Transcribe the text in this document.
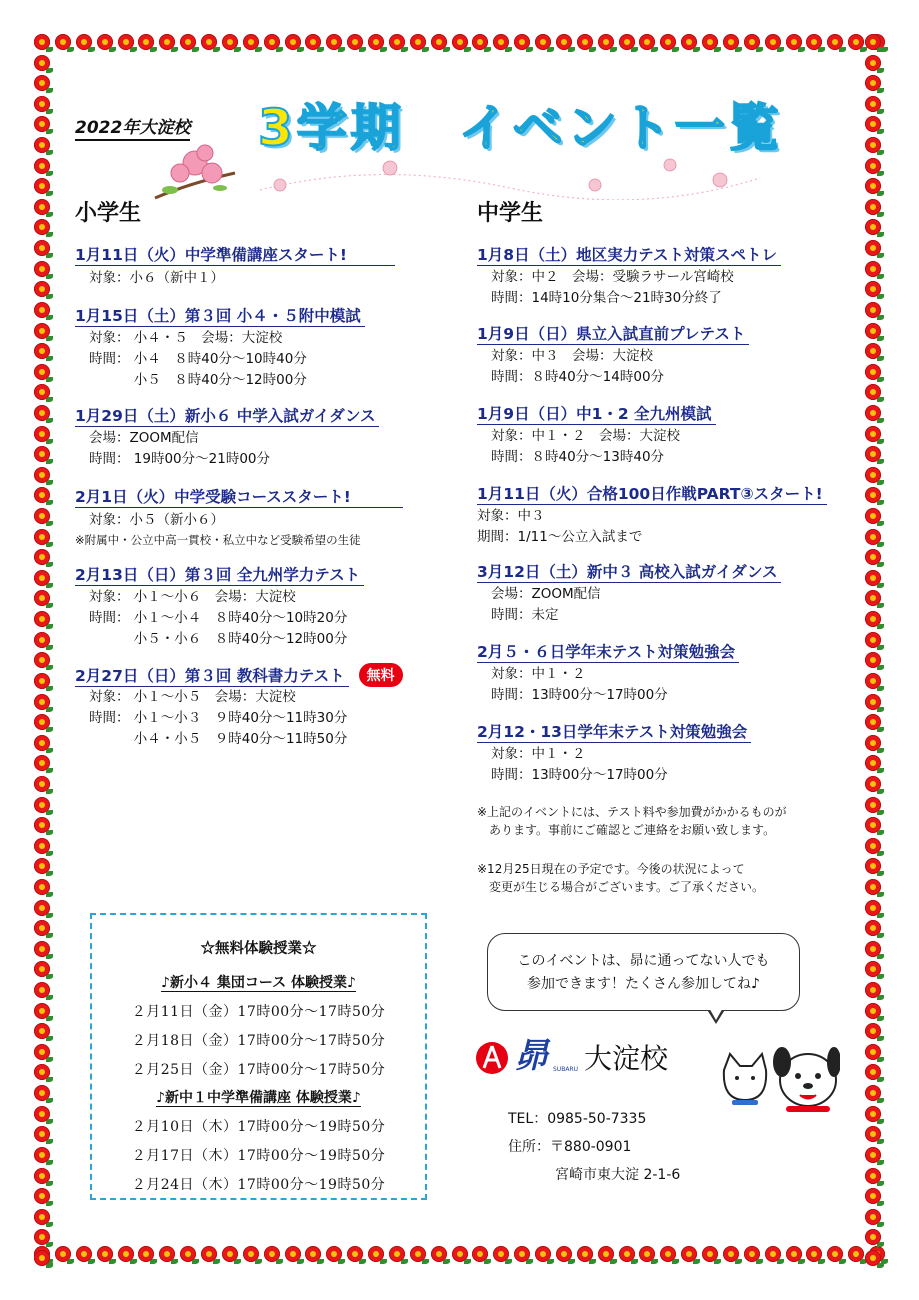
2022年大淀校 3学期　イベント一覧
小学生
1月11日（火）中学準備講座スタート!
対象：小６（新中１）
1月15日（土）第３回 小４・５附中模試
対象： 小４・５　会場：大淀校
時間： 小４　８時40分～10時40分
　　　 小５　８時40分～12時00分
1月29日（土）新小６ 中学入試ガイダンス
会場：ZOOM配信
時間： 19時00分～21時00分
2月1日（火）中学受験コーススタート!
対象：小５（新小６）
※附属中・公立中高一貫校・私立中など受験希望の生徒
2月13日（日）第３回 全九州学力テスト
対象： 小１～小６　会場：大淀校
時間： 小１～小４　８時40分～10時20分
　　　 小５・小６　８時40分～12時00分
2月27日（日）第３回 教科書力テスト	無料
対象： 小１～小５　会場：大淀校
時間： 小１～小３　９時40分～11時30分
　　　 小４・小５　９時40分～11時50分
中学生
1月8日（土）地区実力テスト対策スペトレ
対象：中２　会場：受験ラサール宮崎校
時間：14時10分集合～21時30分終了
1月9日（日）県立入試直前プレテスト
対象：中３　会場：大淀校
時間：８時40分～14時00分
1月9日（日）中1・2 全九州模試
対象：中１・２　会場：大淀校
時間：８時40分～13時40分
1月11日（火）合格100日作戦PART③スタート!
対象：中３
期間：1/11～公立入試まで
3月12日（土）新中３ 高校入試ガイダンス
会場：ZOOM配信
時間：未定
2月５・６日学年末テスト対策勉強会
対象：中１・２
時間：13時00分～17時00分
2月12・13日学年末テスト対策勉強会
対象：中１・２
時間：13時00分～17時00分
※上記のイベントには、テスト料や参加費がかかるものが
　あります。事前にご確認とご連絡をお願い致します。
※12月25日現在の予定です。今後の状況によって
　変更が生じる場合がございます。ご了承ください。
☆無料体験授業☆
♪新小４ 集団コース 体験授業♪
２月11日（金）17時00分～17時50分
２月18日（金）17時00分～17時50分
２月25日（金）17時00分～17時50分
♪新中１中学準備講座 体験授業♪
２月10日（木）17時00分～19時50分
２月17日（木）17時00分～19時50分
２月24日（木）17時00分～19時50分
このイベントは、昴に通ってない人でも
参加できます！たくさん参加してね♪
昴 SUBARU 大淀校
TEL：0985-50-7335
住所：〒880-0901
宮崎市東大淀 2-1-6
